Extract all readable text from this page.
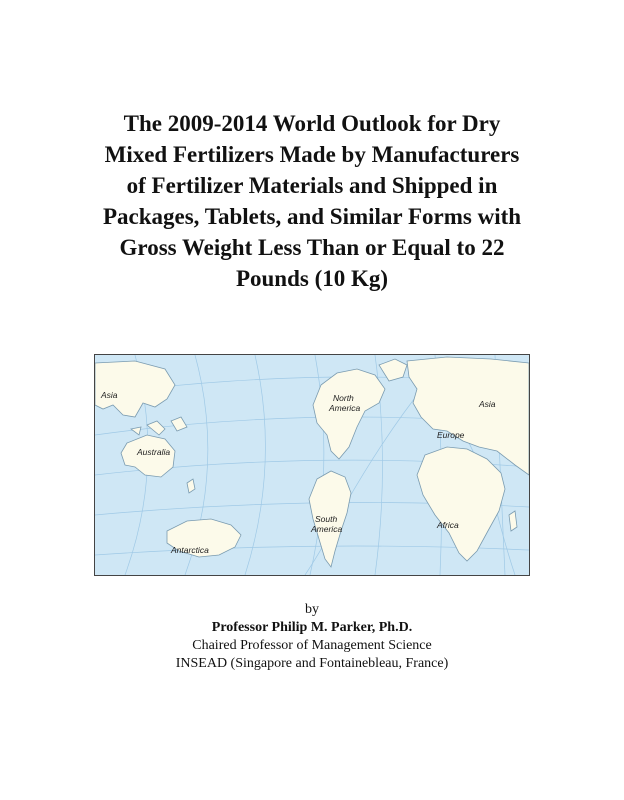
The 2009-2014 World Outlook for Dry
Mixed Fertilizers Made by Manufacturers
of Fertilizer Materials and Shipped in
Packages, Tablets, and Similar Forms with
Gross Weight Less Than or Equal to 22
Pounds (10 Kg)
Asia
Australia
North
America	Asia
Europe
South
America	Africa
Antarctica
by
Professor Philip M. Parker, Ph.D.
Chaired Professor of Management Science
INSEAD (Singapore and Fontainebleau, France)
